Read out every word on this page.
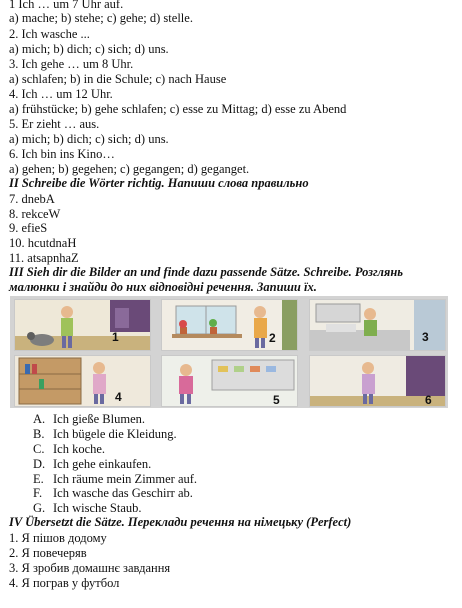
1 Ich … um 7 Uhr auf.
a) mache; b) stehe; c) gehe; d) stelle.
2. Ich wasche ...
a) mich; b) dich; c) sich; d) uns.
3. Ich gehe … um 8 Uhr.
a) schlafen; b) in die Schule; c) nach Hause
4. Ich … um 12 Uhr.
a) frühstücke; b) gehe schlafen; c) esse zu Mittag; d) esse zu Abend
5. Er zieht … aus.
a) mich; b) dich; c) sich; d) uns.
6. Ich bin ins Kino…
a) gehen; b) gegehen; c) gegangen; d) geganget.
II Schreibe die Wörter richtig. Напиши слова правильно
7. dnebA
8. rekceW
9. efieS
10. hcutdnaH
11. atsapnhaZ
III Sieh dir die Bilder an und finde dazu passende Sätze. Schreibe. Розглянь малюнки і знайди до них відповідні речення. Запиши їх.
1	2	3
4	5	6
A. Ich gieße Blumen.
B. Ich bügele die Kleidung.
C. Ich koche.
D. Ich gehe einkaufen.
E. Ich räume mein Zimmer auf.
F. Ich wasche das Geschirr ab.
G. Ich wische Staub.
IV Übersetzt die Sätze. Переклади речення на німецьку (Perfect)
1. Я пішов додому
2. Я повечеряв
3. Я зробив домашнє завдання
4. Я пограв у футбол
